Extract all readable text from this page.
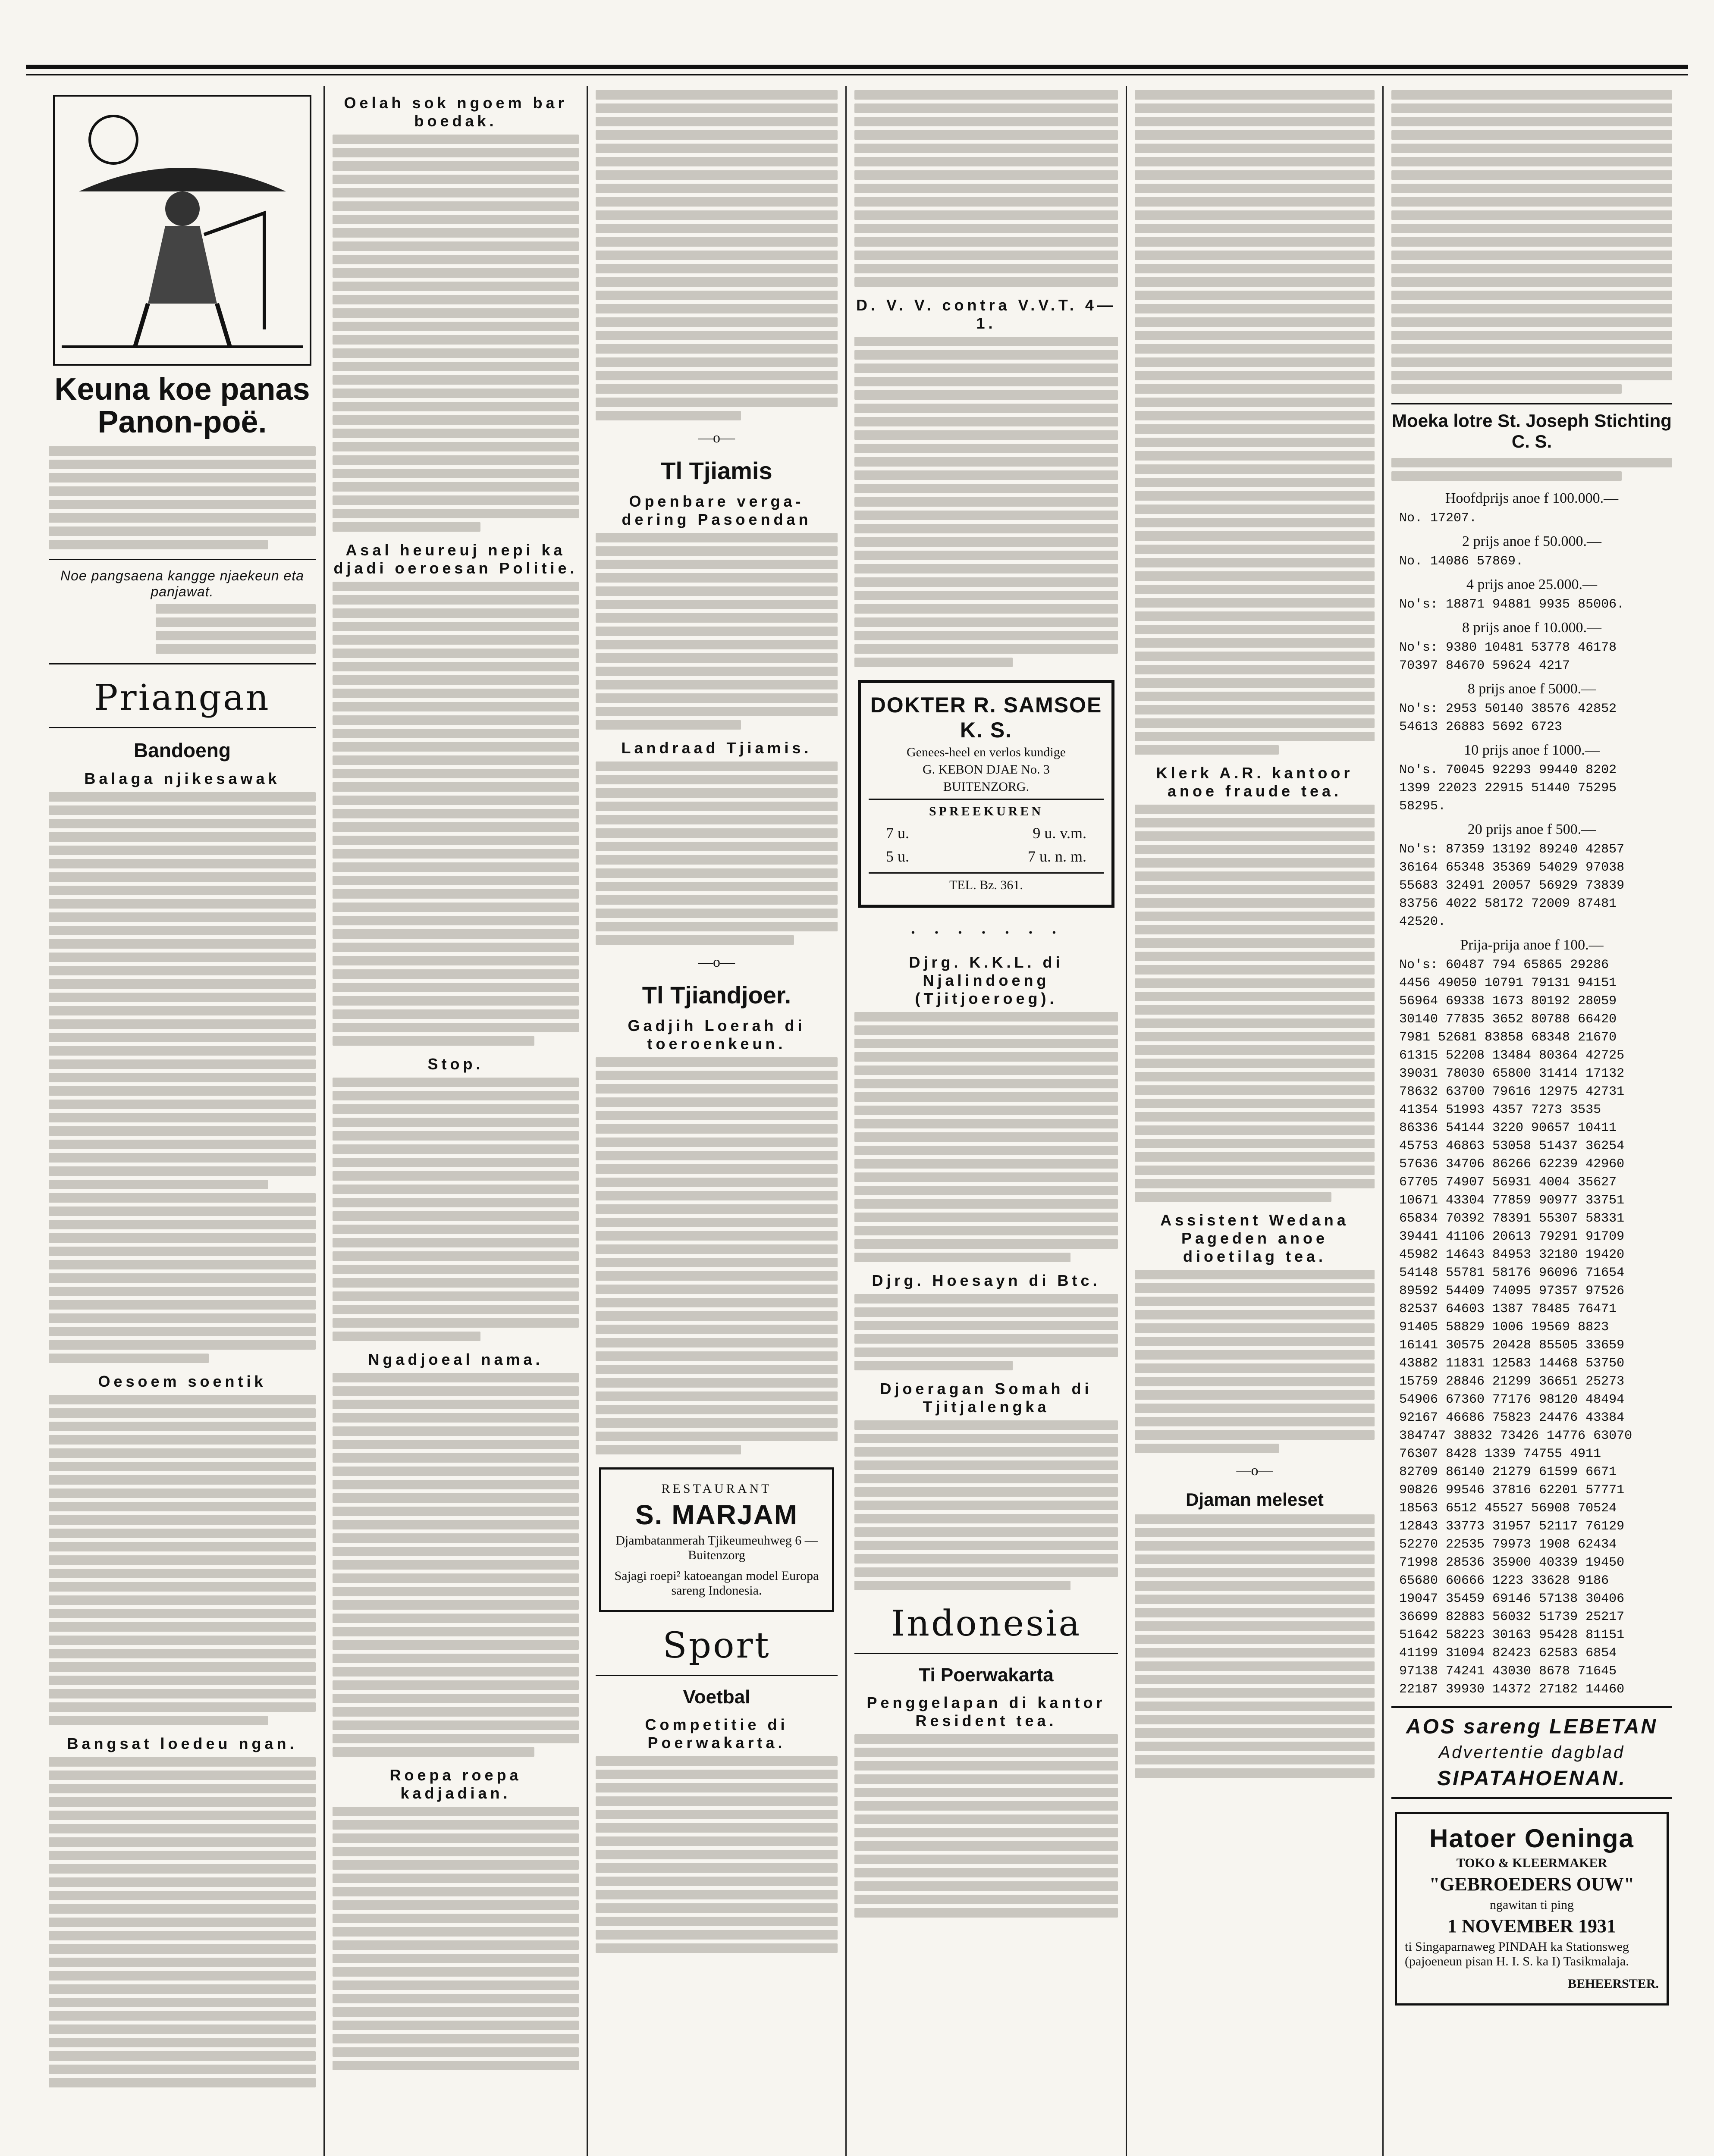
Keuna koe panas Panon-poë.
Noe pangsaena kangge njaekeun eta panjawat.
Priangan
Bandoeng
Balaga njikesawak
Oesoem soentik
Bangsat loedeu ngan.
Oelah sok ngoem bar boedak.
Asal heureuj nepi ka djadi oeroesan Politie.
Stop.
Ngadjoeal nama.
Roepa roepa kadjadian.
—o—
Tl Tjiamis
Openbare verga-dering Pasoendan
Landraad Tjiamis.
—o—
Tl Tjiandjoer.
Gadjih Loerah di toeroenkeun.
RESTAURANT
S. MARJAM
Djambatanmerah Tjikeumeuhweg 6 — Buitenzorg
Sajagi roepi² katoeangan model Europa sareng Indonesia.
Sport
Voetbal
Competitie di Poerwakarta.
D. V. V. contra V.V.T. 4—1.
DOKTER R. SAMSOE K. S.
Genees-heel en verlos kundige
G. KEBON DJAE No. 3
BUITENZORG.
SPREEKUREN
7 u.	9 u. v.m.
5 u.	7 u. n. m.
TEL. Bz. 361.
· · · · · · ·
Djrg. K.K.L. di Njalindoeng (Tjitjoeroeg).
Djrg. Hoesayn di Btc.
Djoeragan Somah di Tjitjalengka
Indonesia
Ti Poerwakarta
Penggelapan di kantor Resident tea.
Klerk A.R. kantoor anoe fraude tea.
Assistent Wedana Pageden anoe dioetilag tea.
—o—
Djaman meleset
Moeka lotre St. Joseph Stichting C. S.
Hoofdprijs anoe f 100.000.—
No. 17207.
2 prijs anoe f 50.000.—
No. 14086 57869.
4 prijs anoe 25.000.—
No's: 18871 94881 9935 85006.
8 prijs anoe f 10.000.—
No's: 9380 10481 53778 46178
70397 84670 59624 4217
8 prijs anoe f 5000.—
No's: 2953 50140 38576 42852
54613 26883 5692 6723
10 prijs anoe f 1000.—
No's. 70045 92293 99440 8202
1399 22023 22915 51440 75295
58295.
20 prijs anoe f 500.—
No's: 87359 13192 89240 42857
36164 65348 35369 54029 97038
55683 32491 20057 56929 73839
83756 4022 58172 72009 87481
42520.
Prija-prija anoe f 100.—
No's: 60487 794 65865 29286
4456 49050 10791 79131 94151
56964 69338 1673 80192 28059
30140 77835 3652 80788 66420
7981 52681 83858 68348 21670
61315 52208 13484 80364 42725
39031 78030 65800 31414 17132
78632 63700 79616 12975 42731
41354 51993 4357 7273 3535
86336 54144 3220 90657 10411
45753 46863 53058 51437 36254
57636 34706 86266 62239 42960
67705 74907 56931 4004 35627
10671 43304 77859 90977 33751
65834 70392 78391 55307 58331
39441 41106 20613 79291 91709
45982 14643 84953 32180 19420
54148 55781 58176 96096 71654
89592 54409 74095 97357 97526
82537 64603 1387 78485 76471
91405 58829 1006 19569 8823
16141 30575 20428 85505 33659
43882 11831 12583 14468 53750
15759 28846 21299 36651 25273
54906 67360 77176 98120 48494
92167 46686 75823 24476 43384
384747 38832 73426 14776 63070
76307 8428 1339 74755 4911
82709 86140 21279 61599 6671
90826 99546 37816 62201 57771
18563 6512 45527 56908 70524
12843 33773 31957 52117 76129
52270 22535 79973 1908 62434
71998 28536 35900 40339 19450
65680 60666 1223 33628 9186
19047 35459 69146 57138 30406
36699 82883 56032 51739 25217
51642 58223 30163 95428 81151
41199 31094 82423 62583 6854
97138 74241 43030 8678 71645
22187 39930 14372 27182 14460
AOS sareng LEBETAN
Advertentie dagblad
SIPATAHOENAN.
Hatoer Oeninga
TOKO & KLEERMAKER
"GEBROEDERS OUW"
ngawitan ti ping
1 NOVEMBER 1931
ti Singaparnaweg PINDAH ka Stationsweg (pajoeneun pisan H. I. S. ka I) Tasikmalaja.
BEHEERSTER.
